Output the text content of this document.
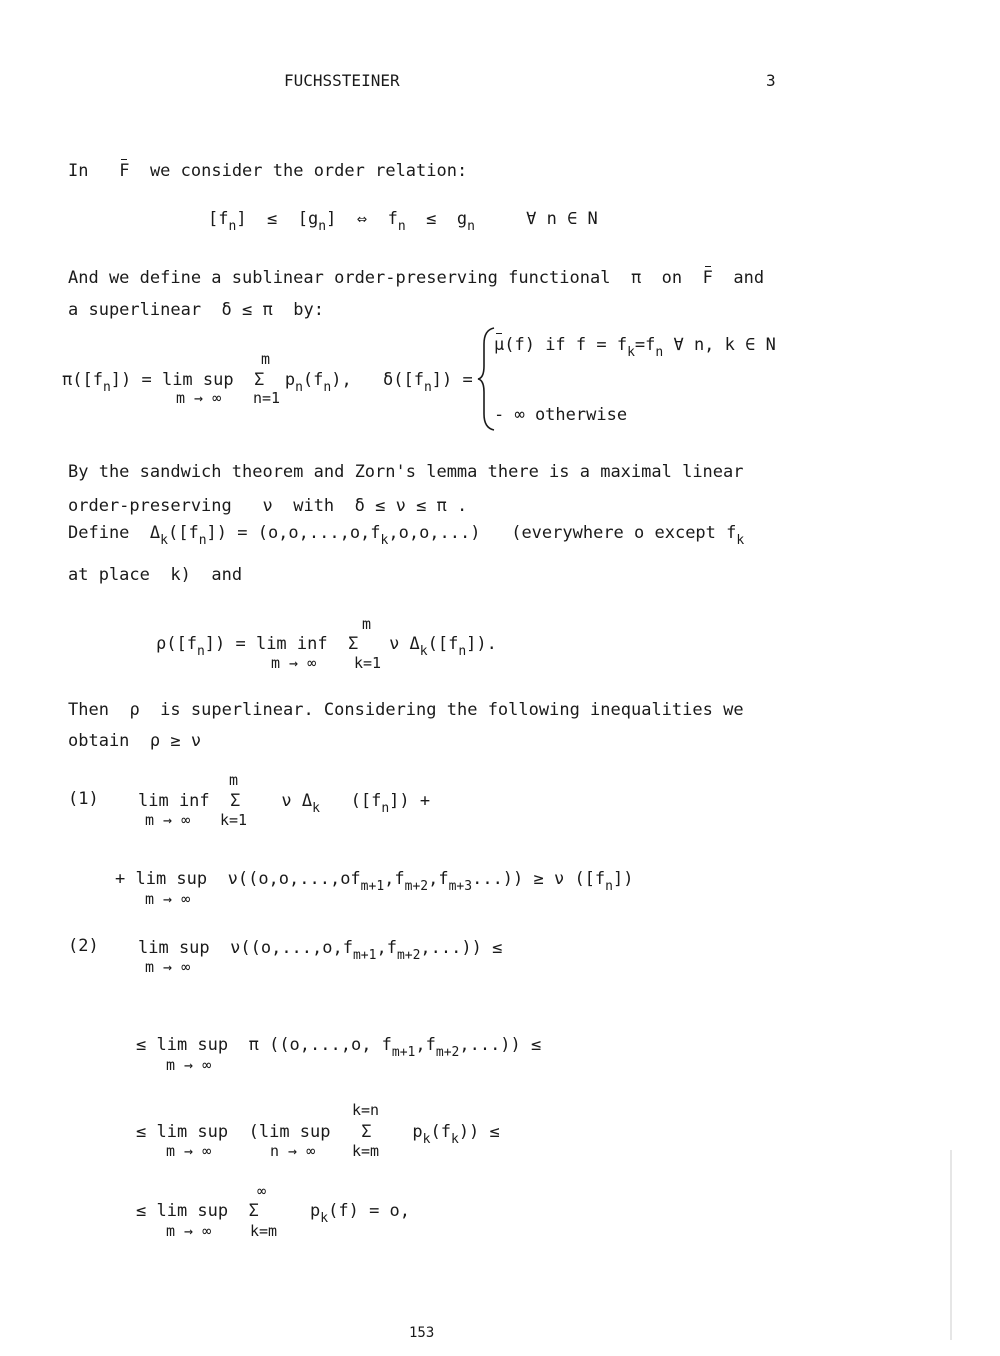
FUCHSSTEINER	3
In F we consider the order relation:
$[f_n] \le [g_n]$ ⇔ $f_n \le g_n$	∀ n ∈ N
And we define a sublinear order-preserving functional π on F and
a superlinear δ ≤ π by:
m
$\pi([f_n]) = \lim$ sup Σ $p_n(f_n)$,
m → ∞ n=1
$\delta([f_n])$ =
μ(f) if $f = f_k=f_n$ ∀ n, k ∈ N
- ∞ otherwise
By the sandwich theorem and Zorn's lemma there is a maximal linear
order-preserving ν with δ ≤ ν ≤ π .
Define $\Delta_k([f_n]) = (o,o,...,o,f_k,o,o,...)$ (everywhere o except $f_k$
at place k) and
m
$\rho([f_n]) = \lim$ inf Σ ν $\Delta_k([f_n])$.
m → ∞	k=1
Then ρ is superlinear. Considering the following inequalities we
obtain ρ ≥ ν
(1)
m
lim inf Σ ν $\Delta_k$ $([f_n])$ +
m → ∞ k=1
+ lim sup $\nu((o,o,...,of_{m+1},f_{m+2},f_{m+3}...)) \ge \nu$ $([f_n])$
m → ∞
(2) lim sup $\nu((o,...,o,f_{m+1},f_{m+2},...))$ ≤
m → ∞
≤ lim sup π ((o,...,o, $f_{m+1},f_{m+2}$,...)) ≤
m → ∞
k=n
≤ lim sup (lim sup Σ $p_k(f_k)$) ≤
m → ∞	n → ∞ k=m
∞
≤ lim sup Σ	$p_k(f) = o$,
m → ∞	k=m
153
